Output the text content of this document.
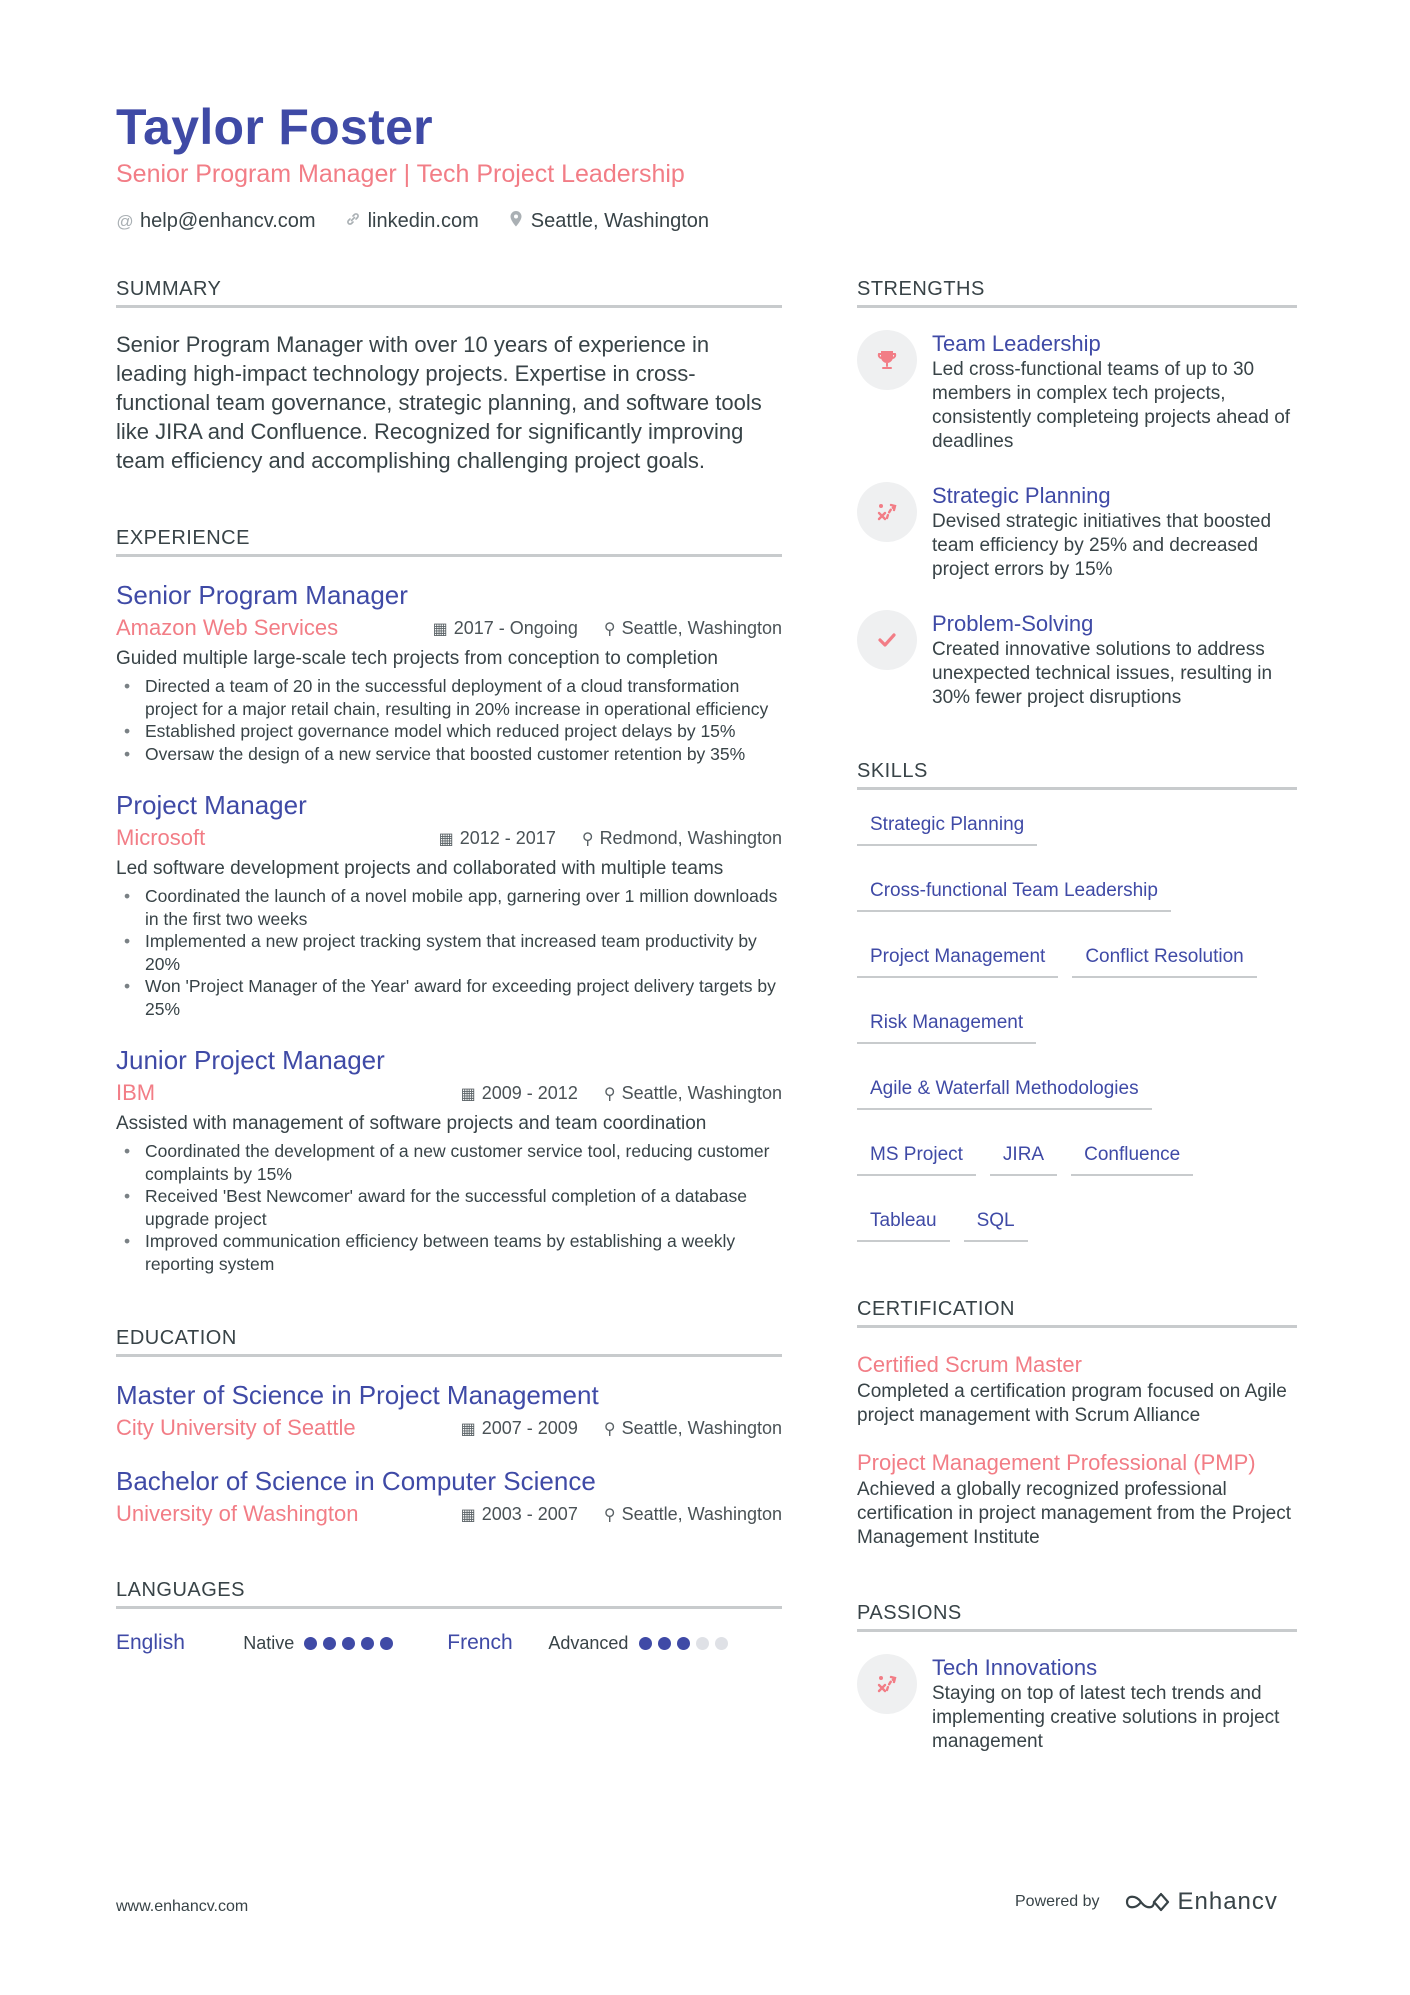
Taylor Foster
Senior Program Manager | Tech Project Leadership
@ help@enhancv.com	linkedin.com	Seattle, Washington
SUMMARY
Senior Program Manager with over 10 years of experience in leading high-impact technology projects. Expertise in cross-functional team governance, strategic planning, and software tools like JIRA and Confluence. Recognized for significantly improving team efficiency and accomplishing challenging project goals.
EXPERIENCE
Senior Program Manager
Amazon Web Services	▦ 2017 - Ongoing ⚲ Seattle, Washington
Guided multiple large-scale tech projects from conception to completion
• Directed a team of 20 in the successful deployment of a cloud transformation project for a major retail chain, resulting in 20% increase in operational efficiency
• Established project governance model which reduced project delays by 15%
• Oversaw the design of a new service that boosted customer retention by 35%
Project Manager
Microsoft	▦ 2012 - 2017 ⚲ Redmond, Washington
Led software development projects and collaborated with multiple teams
• Coordinated the launch of a novel mobile app, garnering over 1 million downloads in the first two weeks
• Implemented a new project tracking system that increased team productivity by 20%
• Won 'Project Manager of the Year' award for exceeding project delivery targets by 25%
Junior Project Manager
IBM	▦ 2009 - 2012 ⚲ Seattle, Washington
Assisted with management of software projects and team coordination
• Coordinated the development of a new customer service tool, reducing customer complaints by 15%
• Received 'Best Newcomer' award for the successful completion of a database upgrade project
• Improved communication efficiency between teams by establishing a weekly reporting system
EDUCATION
Master of Science in Project Management
City University of Seattle	▦ 2007 - 2009 ⚲ Seattle, Washington
Bachelor of Science in Computer Science
University of Washington	▦ 2003 - 2007 ⚲ Seattle, Washington
LANGUAGES
English	Native	French	Advanced
STRENGTHS
Team Leadership
Led cross-functional teams of up to 30 members in complex tech projects, consistently completeing projects ahead of deadlines
Strategic Planning
Devised strategic initiatives that boosted team efficiency by 25% and decreased project errors by 15%
Problem-Solving
Created innovative solutions to address unexpected technical issues, resulting in 30% fewer project disruptions
SKILLS
Strategic Planning
Cross-functional Team Leadership
Project Management	Conflict Resolution
Risk Management
Agile & Waterfall Methodologies
MS Project	JIRA	Confluence
Tableau	SQL
CERTIFICATION
Certified Scrum Master
Completed a certification program focused on Agile project management with Scrum Alliance
Project Management Professional (PMP)
Achieved a globally recognized professional certification in project management from the Project Management Institute
PASSIONS
Tech Innovations
Staying on top of latest tech trends and implementing creative solutions in project management
www.enhancv.com	Powered by	Enhancv
